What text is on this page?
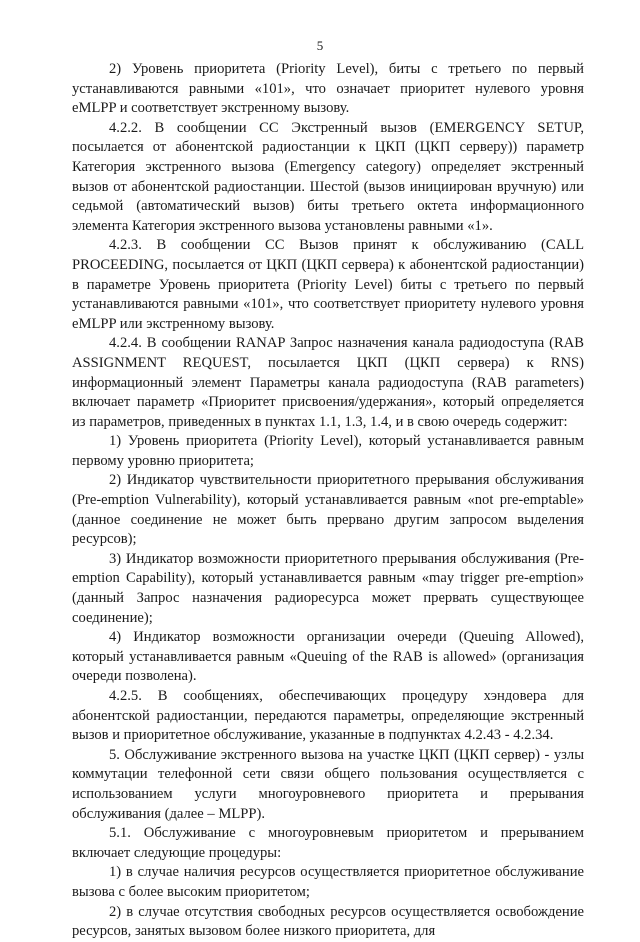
5

2) Уровень приоритета (Priority Level), биты с третьего по первый устанавливаются равными «101», что означает приоритет нулевого уровня eMLPP и соответствует экстренному вызову.

4.2.2. В сообщении CC Экстренный вызов (EMERGENCY SETUP, посылается от абонентской радиостанции к ЦКП (ЦКП серверу)) параметр Категория экстренного вызова (Emergency category) определяет экстренный вызов от абонентской радиостанции. Шестой (вызов инициирован вручную) или седьмой (автоматический вызов) биты третьего октета информационного элемента Категория экстренного вызова установлены равными «1».

4.2.3. В сообщении CC Вызов принят к обслуживанию (CALL PROCEEDING, посылается от ЦКП (ЦКП сервера) к абонентской радиостанции) в параметре Уровень приоритета (Priority Level) биты с третьего по первый устанавливаются равными «101», что соответствует приоритету нулевого уровня eMLPP или экстренному вызову.

4.2.4. В сообщении RANAP Запрос назначения канала радиодоступа (RAB ASSIGNMENT REQUEST, посылается ЦКП (ЦКП сервера) к RNS) информационный элемент Параметры канала радиодоступа (RAB parameters) включает параметр «Приоритет присвоения/удержания», который определяется из параметров, приведенных в пунктах 1.1, 1.3, 1.4, и в свою очередь содержит:

1) Уровень приоритета (Priority Level), который устанавливается равным первому уровню приоритета;

2) Индикатор чувствительности приоритетного прерывания обслуживания (Pre-emption Vulnerability), который устанавливается равным «not pre-emptable» (данное соединение не может быть прервано другим запросом выделения ресурсов);

3) Индикатор возможности приоритетного прерывания обслуживания (Pre-emption Capability), который устанавливается равным «may trigger pre-emption» (данный Запрос назначения радиоресурса может прервать существующее соединение);

4) Индикатор возможности организации очереди (Queuing Allowed), который устанавливается равным «Queuing of the RAB is allowed» (организация очереди позволена).

4.2.5. В сообщениях, обеспечивающих процедуру хэндовера для абонентской радиостанции, передаются параметры, определяющие экстренный вызов и приоритетное обслуживание, указанные в подпунктах 4.2.43 - 4.2.34.

5. Обслуживание экстренного вызова на участке ЦКП (ЦКП сервер) - узлы коммутации телефонной сети связи общего пользования осуществляется с использованием услуги многоуровневого приоритета и прерывания обслуживания (далее – MLPP).

5.1. Обслуживание с многоуровневым приоритетом и прерыванием включает следующие процедуры:

1) в случае наличия ресурсов осуществляется приоритетное обслуживание вызова с более высоким приоритетом;

2) в случае отсутствия свободных ресурсов осуществляется освобождение ресурсов, занятых вызовом более низкого приоритета, для
